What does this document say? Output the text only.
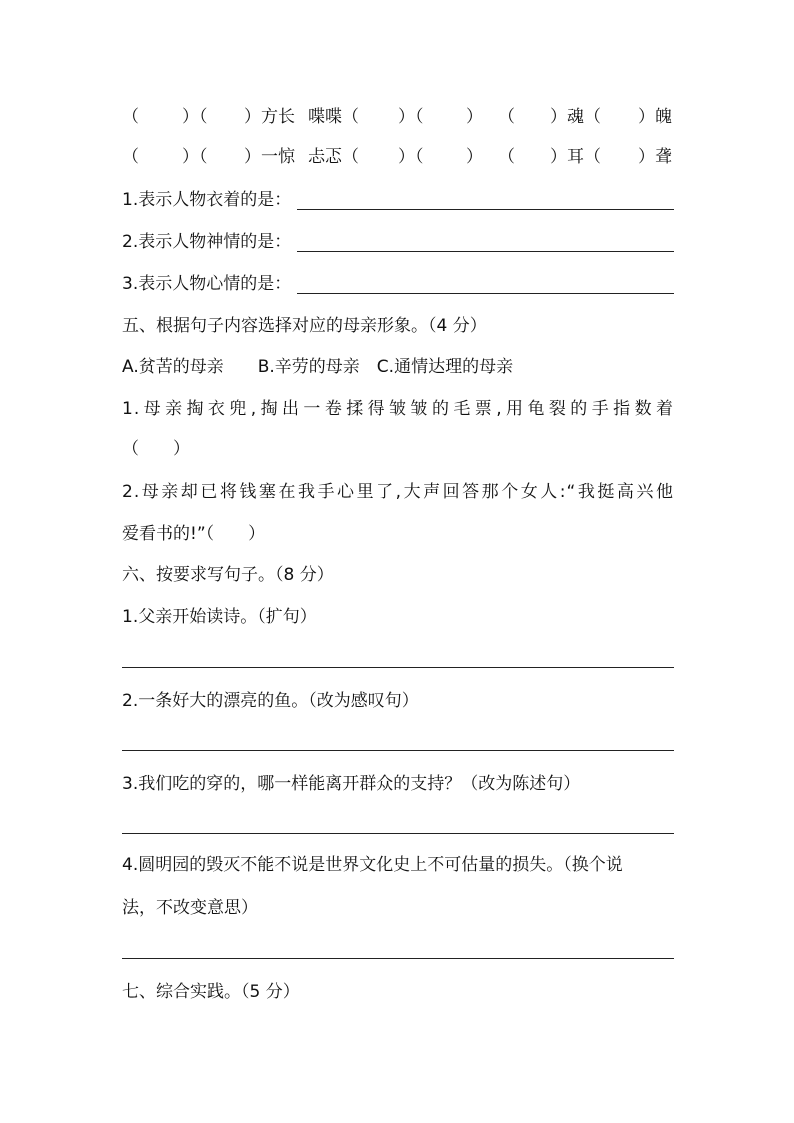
（	）（ ）方长 喋喋（ ）（	） （ ）魂（ ）魄
（	）（ ）一惊 忐忑（ ）（	） （ ）耳（ ）聋
1.表示人物衣着的是：
2.表示人物神情的是：
3.表示人物心情的是：
五、根据句子内容选择对应的母亲形象。（4 分）
A.贫苦的母亲　　B.辛劳的母亲　C.通情达理的母亲
1.母亲掏衣兜,掏出一卷揉得皱皱的毛票,用龟裂的手指数着
（　　）
2.母亲却已将钱塞在我手心里了,大声回答那个女人:“我挺高兴他
爱看书的!”（　　）
六、按要求写句子。（8 分）
1.父亲开始读诗。（扩句）
2.一条好大的漂亮的鱼。（改为感叹句）
3.我们吃的穿的，哪一样能离开群众的支持？（改为陈述句）
4.圆明园的毁灭不能不说是世界文化史上不可估量的损失。（换个说
法，不改变意思）
七、综合实践。（5 分）
